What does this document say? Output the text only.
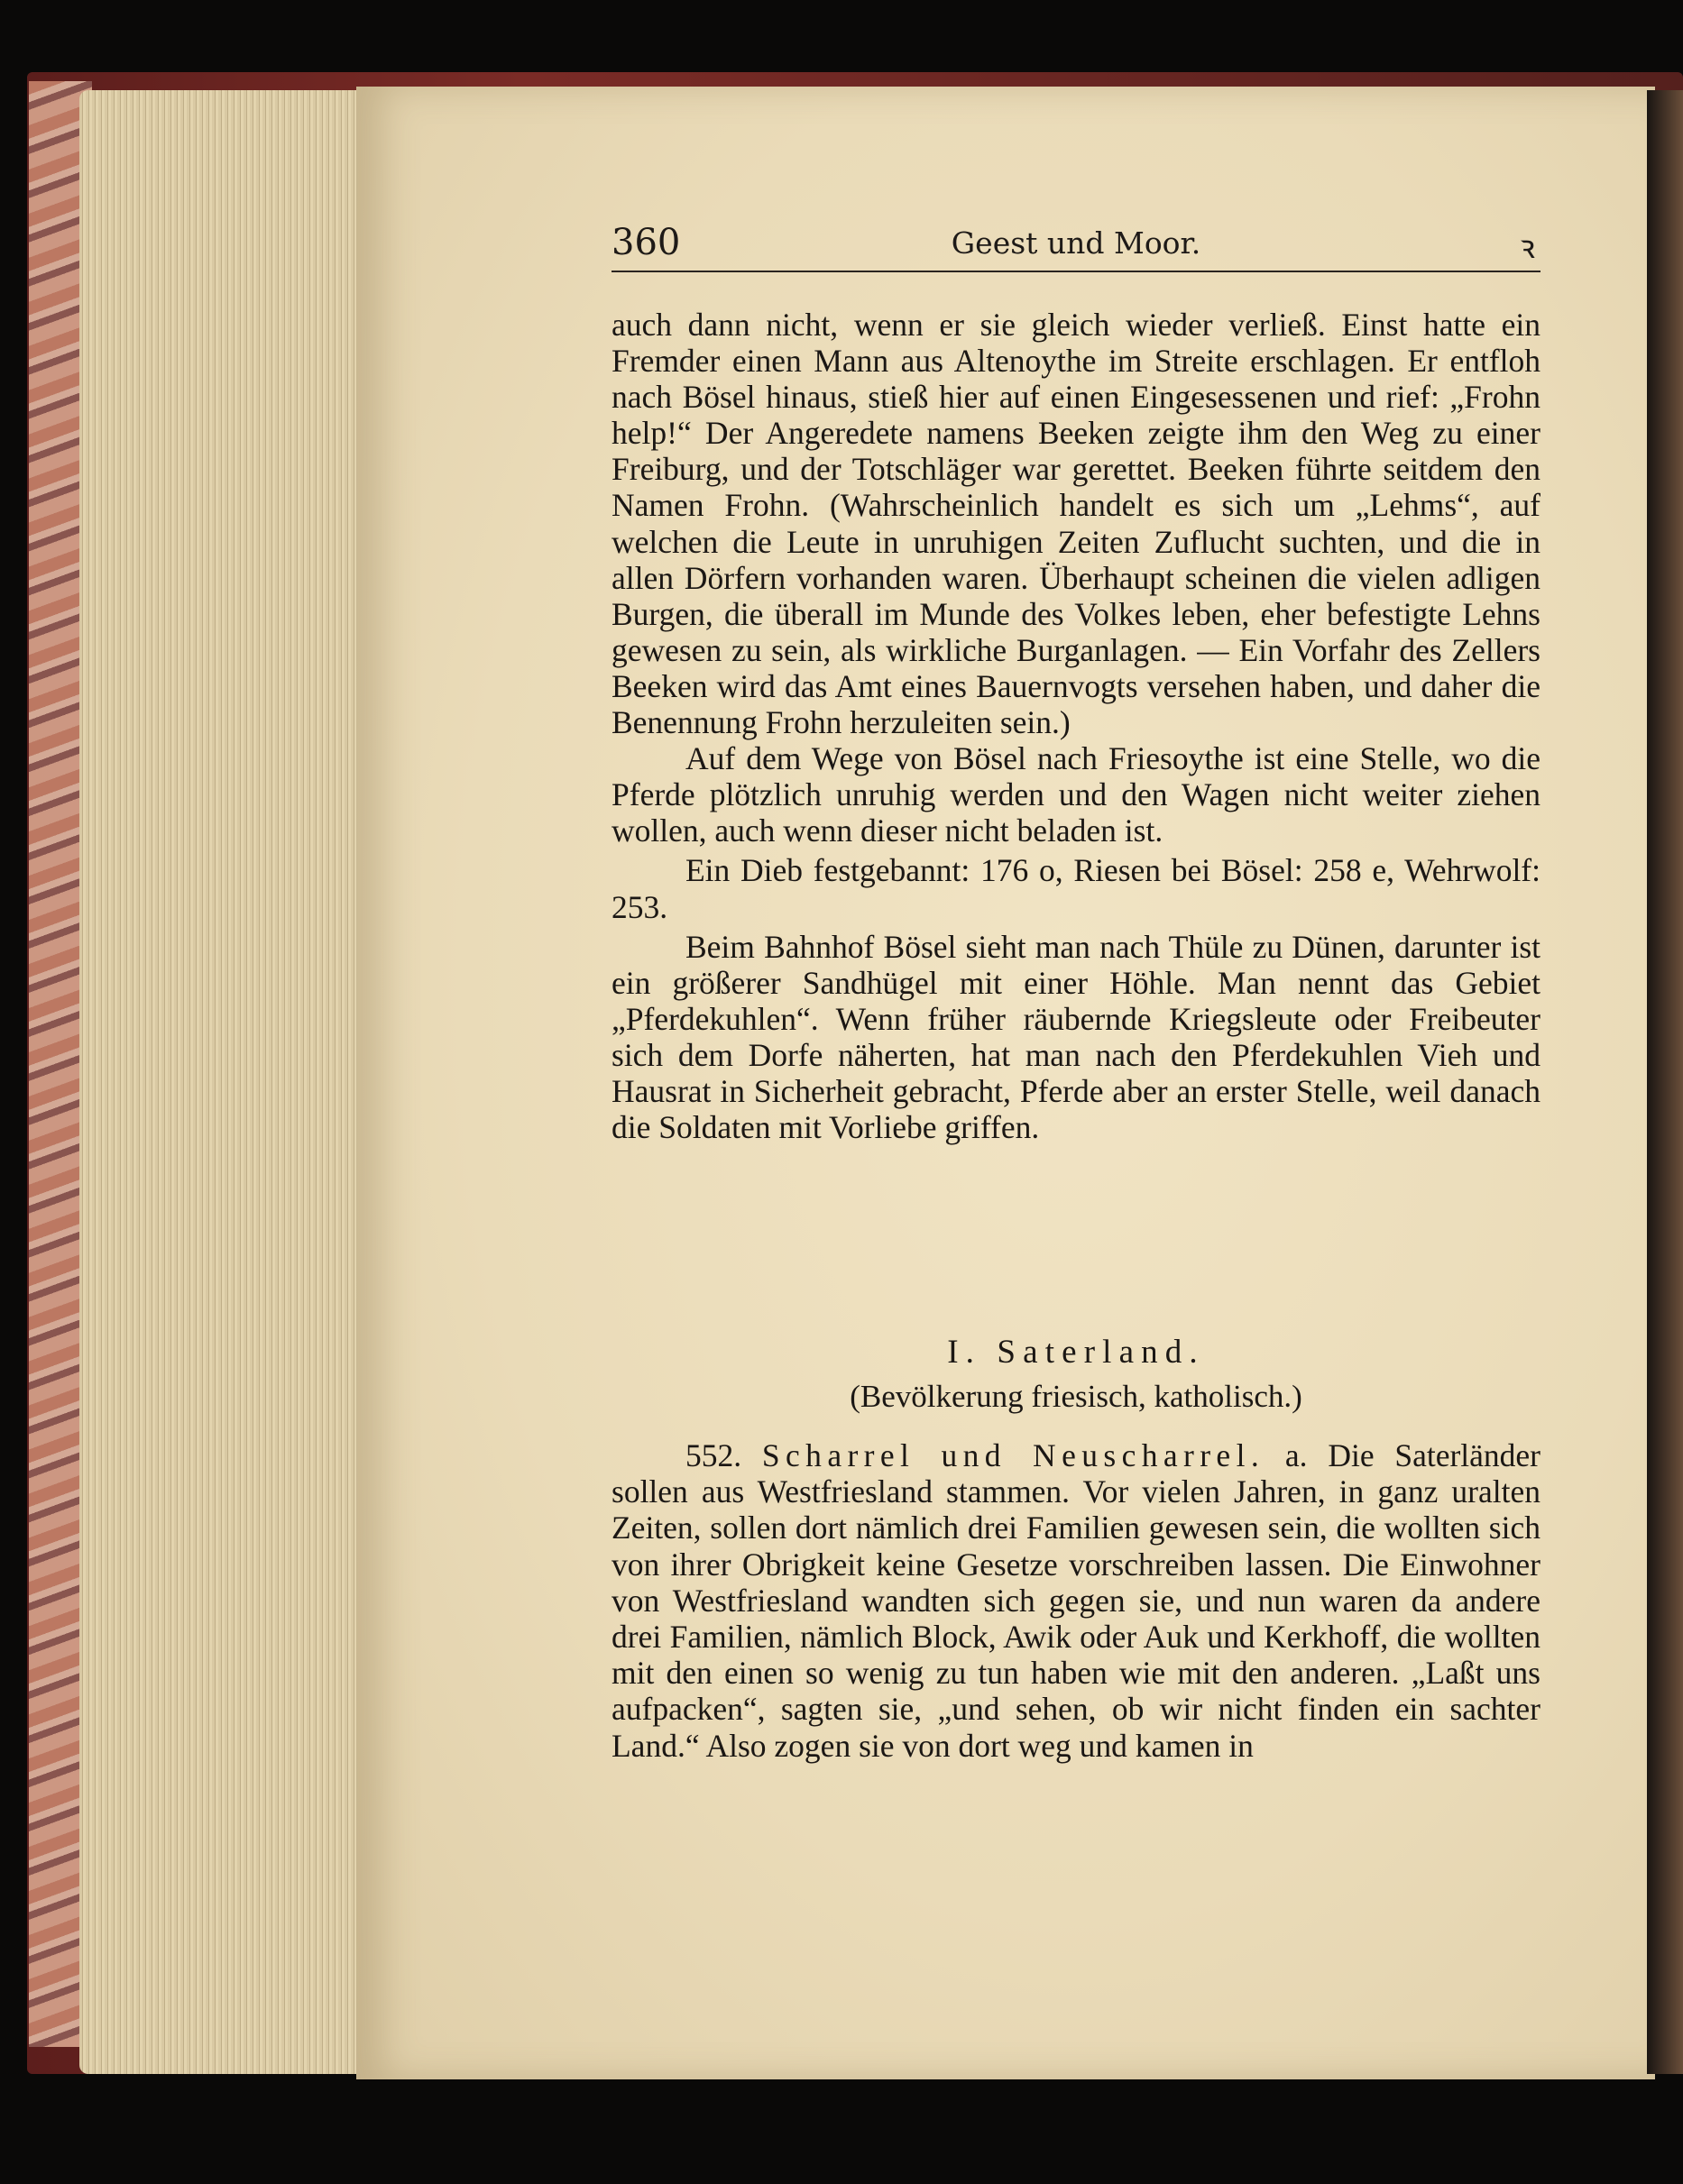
360	Geest und Moor.	ꝛ

auch dann nicht, wenn er sie gleich wieder verließ. Einst hatte ein Fremder einen Mann aus Altenoythe im Streite erschlagen. Er entfloh nach Bösel hinaus, stieß hier auf einen Eingesessenen und rief: „Frohn help!“ Der Angeredete namens Beeken zeigte ihm den Weg zu einer Freiburg, und der Totschläger war gerettet. Beeken führte seitdem den Namen Frohn. (Wahrscheinlich handelt es sich um „Lehms“, auf welchen die Leute in unruhigen Zeiten Zuflucht suchten, und die in allen Dörfern vorhanden waren. Überhaupt scheinen die vielen adligen Burgen, die überall im Munde des Volkes leben, eher befestigte Lehns gewesen zu sein, als wirkliche Burganlagen. — Ein Vorfahr des Zellers Beeken wird das Amt eines Bauernvogts versehen haben, und daher die Benennung Frohn herzuleiten sein.)

Auf dem Wege von Bösel nach Friesoythe ist eine Stelle, wo die Pferde plötzlich unruhig werden und den Wagen nicht weiter ziehen wollen, auch wenn dieser nicht beladen ist.

Ein Dieb festgebannt: 176 o, Riesen bei Bösel: 258 e, Wehrwolf: 253.

Beim Bahnhof Bösel sieht man nach Thüle zu Dünen, darunter ist ein größerer Sandhügel mit einer Höhle. Man nennt das Gebiet „Pferdekuhlen“. Wenn früher räubernde Kriegsleute oder Freibeuter sich dem Dorfe näherten, hat man nach den Pferdekuhlen Vieh und Hausrat in Sicherheit gebracht, Pferde aber an erster Stelle, weil danach die Soldaten mit Vorliebe griffen.

I. Saterland.
(Bevölkerung friesisch, katholisch.)

552. Scharrel und Neuscharrel. a. Die Saterländer sollen aus Westfriesland stammen. Vor vielen Jahren, in ganz uralten Zeiten, sollen dort nämlich drei Familien gewesen sein, die wollten sich von ihrer Obrigkeit keine Gesetze vorschreiben lassen. Die Einwohner von Westfriesland wandten sich gegen sie, und nun waren da andere drei Familien, nämlich Block, Awik oder Auk und Kerkhoff, die wollten mit den einen so wenig zu tun haben wie mit den anderen. „Laßt uns aufpacken“, sagten sie, „und sehen, ob wir nicht finden ein sachter Land.“ Also zogen sie von dort weg und kamen in
